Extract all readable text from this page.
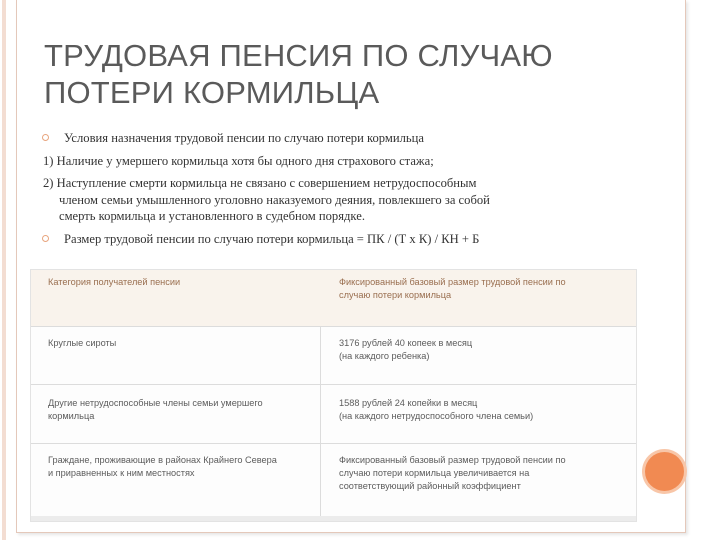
ТРУДОВАЯ ПЕНСИЯ ПО СЛУЧАЮ
ПОТЕРИ КОРМИЛЬЦА
Условия назначения трудовой пенсии по случаю потери кормильца
1) Наличие у умершего кормильца хотя бы одного дня страхового стажа;
2) Наступление смерти кормильца не связано с совершением нетрудоспособным
членом семьи умышленного уголовно наказуемого деяния, повлекшего за собой
смерть кормильца и установленного в судебном порядке.
Размер трудовой пенсии по случаю потери кормильца = ПК / (Т х К) / КН + Б
Категория получателей пенсии	Фиксированный базовый размер трудовой пенсии по
случаю потери кормильца
Круглые сироты	3176 рублей 40 копеек в месяц
(на каждого ребенка)
Другие нетрудоспособные члены семьи умершего
кормильца
1588 рублей 24 копейки в месяц
(на каждого нетрудоспособного члена семьи)
Граждане, проживающие в районах Крайнего Севера
и приравненных к ним местностях
Фиксированный базовый размер трудовой пенсии по
случаю потери кормильца увеличивается на
соответствующий районный коэффициент
